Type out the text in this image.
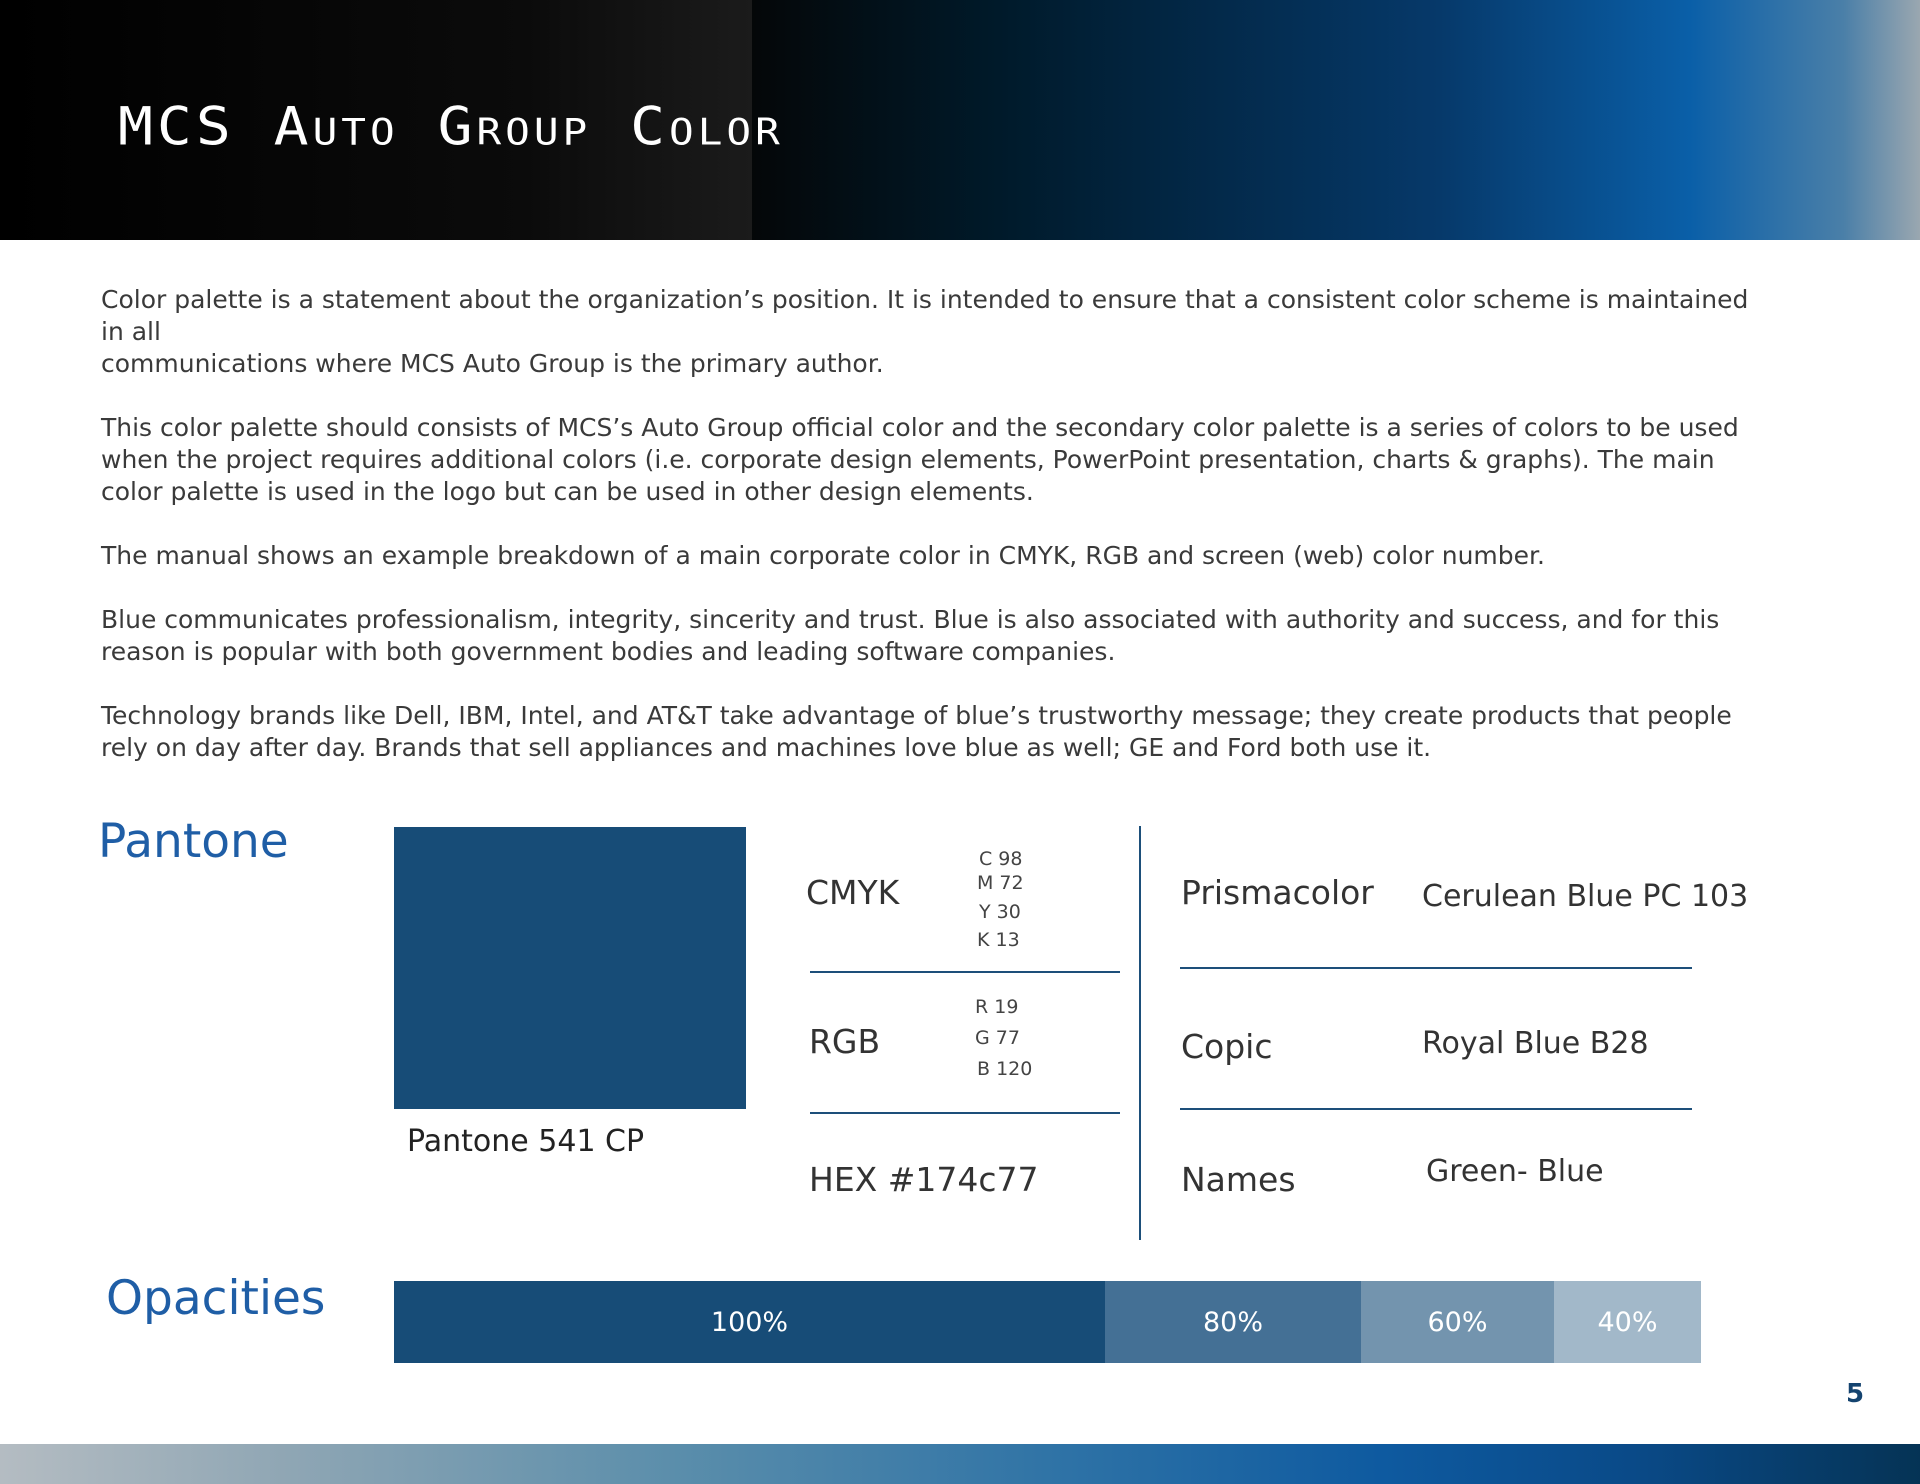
MCS Auto Group Color

Color palette is a statement about the organization’s position. It is intended to ensure that a consistent color scheme is maintained
in all
communications where MCS Auto Group is the primary author.

This color palette should consists of MCS’s Auto Group official color and the secondary color palette is a series of colors to be used
when the project requires additional colors (i.e. corporate design elements, PowerPoint presentation, charts & graphs). The main
color palette is used in the logo but can be used in other design elements.

The manual shows an example breakdown of a main corporate color in CMYK, RGB and screen (web) color number.

Blue communicates professionalism, integrity, sincerity and trust. Blue is also associated with authority and success, and for this
reason is popular with both government bodies and leading software companies.

Technology brands like Dell, IBM, Intel, and AT&T take advantage of blue’s trustworthy message; they create products that people
rely on day after day. Brands that sell appliances and machines love blue as well; GE and Ford both use it.

Pantone
Pantone 541 CP
CMYK
C 98
M 72
Y 30
K 13
RGB
R 19
G 77
B 120
HEX #174c77
Prismacolor Cerulean Blue PC 103
Copic	Royal Blue B28
Names	Green- Blue
Opacities	100%	80%	60%	40%
5
